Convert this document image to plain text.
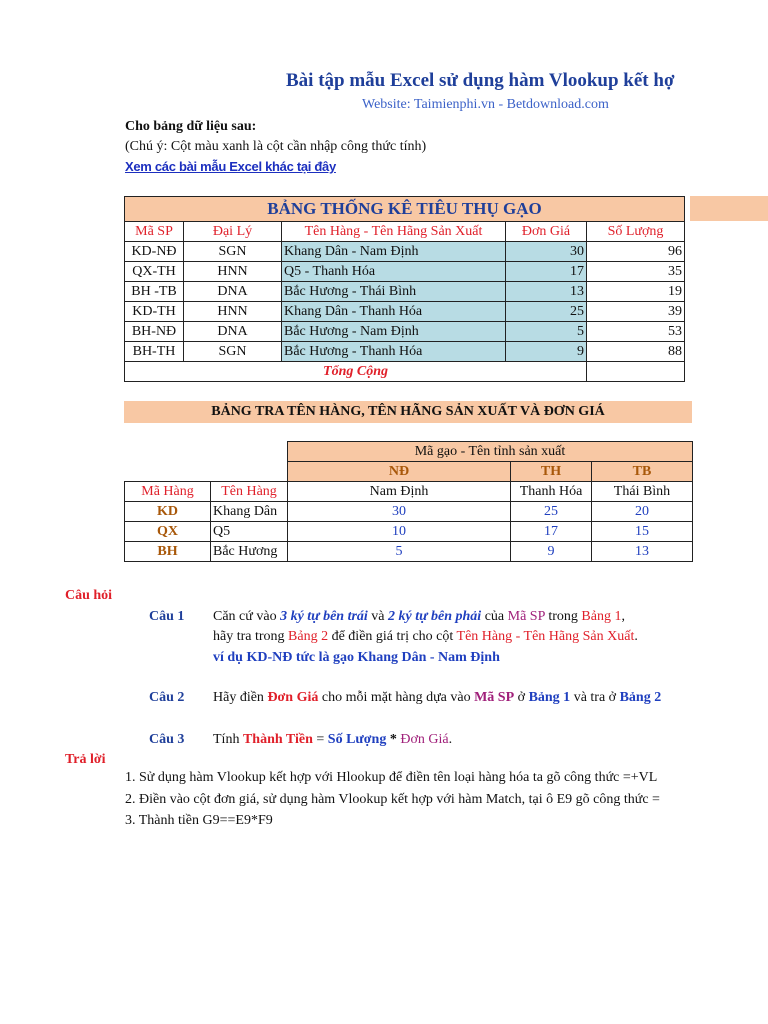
Bài tập mẫu Excel sử dụng hàm Vlookup kết hợ
Website: Taimienphi.vn - Betdownload.com
Cho bảng dữ liệu sau:
(Chú ý: Cột màu xanh là cột cần nhập công thức tính)
Xem các bài mẫu Excel khác tại đây
BẢNG THỐNG KÊ TIÊU THỤ GẠO				
Mã SP	Đại Lý	Tên Hàng - Tên Hãng Sản Xuất	Đơn Giá	Số Lượng
KD-NĐ	SGN	Khang Dân - Nam Định	30	96
QX-TH	HNN	Q5 - Thanh Hóa	17	35
BH -TB	DNA	Bắc Hương - Thái Bình	13	19
KD-TH	HNN	Khang Dân - Thanh Hóa	25	39
BH-NĐ	DNA	Bắc Hương - Nam Định	5	53
BH-TH	SGN	Bắc Hương - Thanh Hóa	9	88
Tổng Cộng				
BẢNG TRA TÊN HÀNG, TÊN HÃNG SẢN XUẤT VÀ ĐƠN GIÁ
		Mã gạo - Tên tỉnh sản xuất		
		NĐ	TH	TB
Mã Hàng	Tên Hàng	Nam Định	Thanh Hóa	Thái Bình
KD	Khang Dân	30	25	20
QX	Q5	10	17	15
BH	Bắc Hương	5	9	13
Câu hỏi
Câu 1 Căn cứ vào 3 ký tự bên trái và 2 ký tự bên phải của Mã SP trong Bảng 1,
hãy tra trong Bảng 2 để điền giá trị cho cột Tên Hàng - Tên Hãng Sản Xuất.
ví dụ KD-NĐ tức là gạo Khang Dân - Nam Định
Câu 2 Hãy điền Đơn Giá cho mỗi mặt hàng dựa vào Mã SP ở Bảng 1 và tra ở Bảng 2
Câu 3 Tính Thành Tiền = Số Lượng * Đơn Giá.
Trả lời
1. Sử dụng hàm Vlookup kết hợp với Hlookup để điền tên loại hàng hóa ta gõ công thức =+VL
2. Điền vào cột đơn giá, sử dụng hàm Vlookup kết hợp với hàm Match, tại ô E9 gõ công thức =
3. Thành tiền G9==E9*F9
